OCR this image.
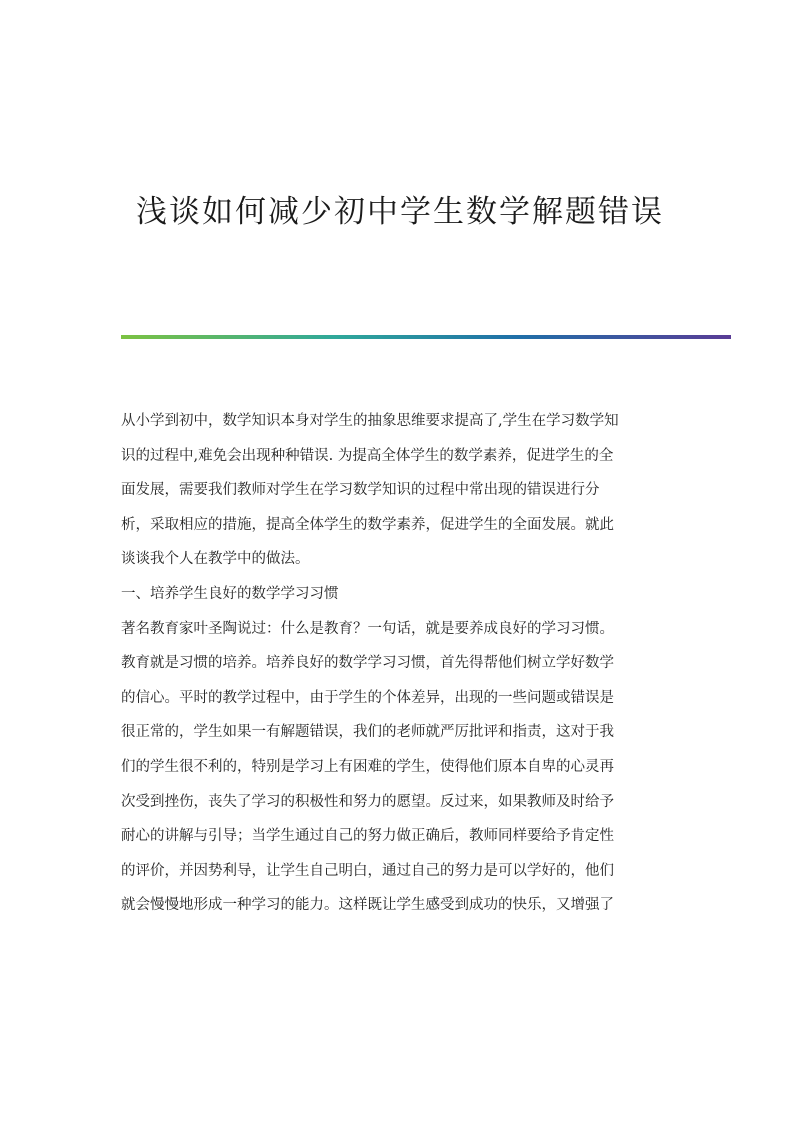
浅谈如何减少初中学生数学解题错误
从小学到初中，数学知识本身对学生的抽象思维要求提高了,学生在学习数学知
识的过程中,难免会出现种种错误. 为提高全体学生的数学素养，促进学生的全
面发展，需要我们教师对学生在学习数学知识的过程中常出现的错误进行分
析，采取相应的措施，提高全体学生的数学素养，促进学生的全面发展。就此
谈谈我个人在教学中的做法。
一、培养学生良好的数学学习习惯
著名教育家叶圣陶说过：什么是教育？一句话，就是要养成良好的学习习惯。
教育就是习惯的培养。培养良好的数学学习习惯，首先得帮他们树立学好数学
的信心。平时的教学过程中，由于学生的个体差异，出现的一些问题或错误是
很正常的，学生如果一有解题错误，我们的老师就严厉批评和指责，这对于我
们的学生很不利的，特别是学习上有困难的学生，使得他们原本自卑的心灵再
次受到挫伤，丧失了学习的积极性和努力的愿望。反过来，如果教师及时给予
耐心的讲解与引导；当学生通过自己的努力做正确后，教师同样要给予肯定性
的评价，并因势利导，让学生自己明白，通过自己的努力是可以学好的，他们
就会慢慢地形成一种学习的能力。这样既让学生感受到成功的快乐，又增强了
